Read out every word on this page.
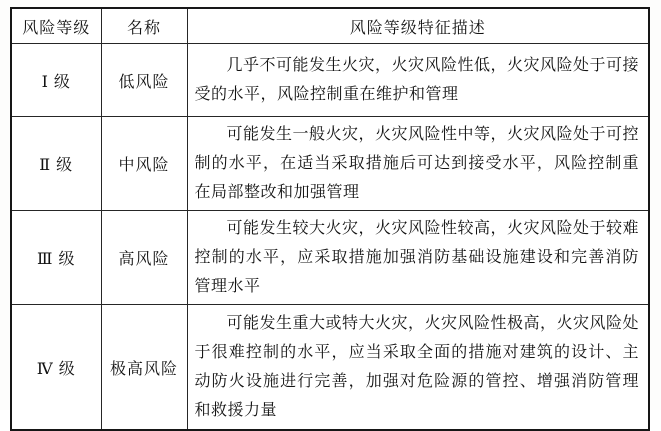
风险等级	名称	风险等级特征描述
Ⅰ 级	低风险	几乎不可能发生火灾，火灾风险性低，火灾风险处于可接受的水平，风险控制重在维护和管理

Ⅱ 级	中风险	可能发生一般火灾，火灾风险性中等，火灾风险处于可控制的水平，在适当采取措施后可达到接受水平，风险控制重在局部整改和加强管理

Ⅲ 级	高风险	可能发生较大火灾，火灾风险性较高，火灾风险处于较难控制的水平，应采取措施加强消防基础设施建设和完善消防管理水平

Ⅳ 级	极高风险	可能发生重大或特大火灾，火灾风险性极高，火灾风险处于很难控制的水平，应当采取全面的措施对建筑的设计、主动防火设施进行完善，加强对危险源的管控、增强消防管理和救援力量
